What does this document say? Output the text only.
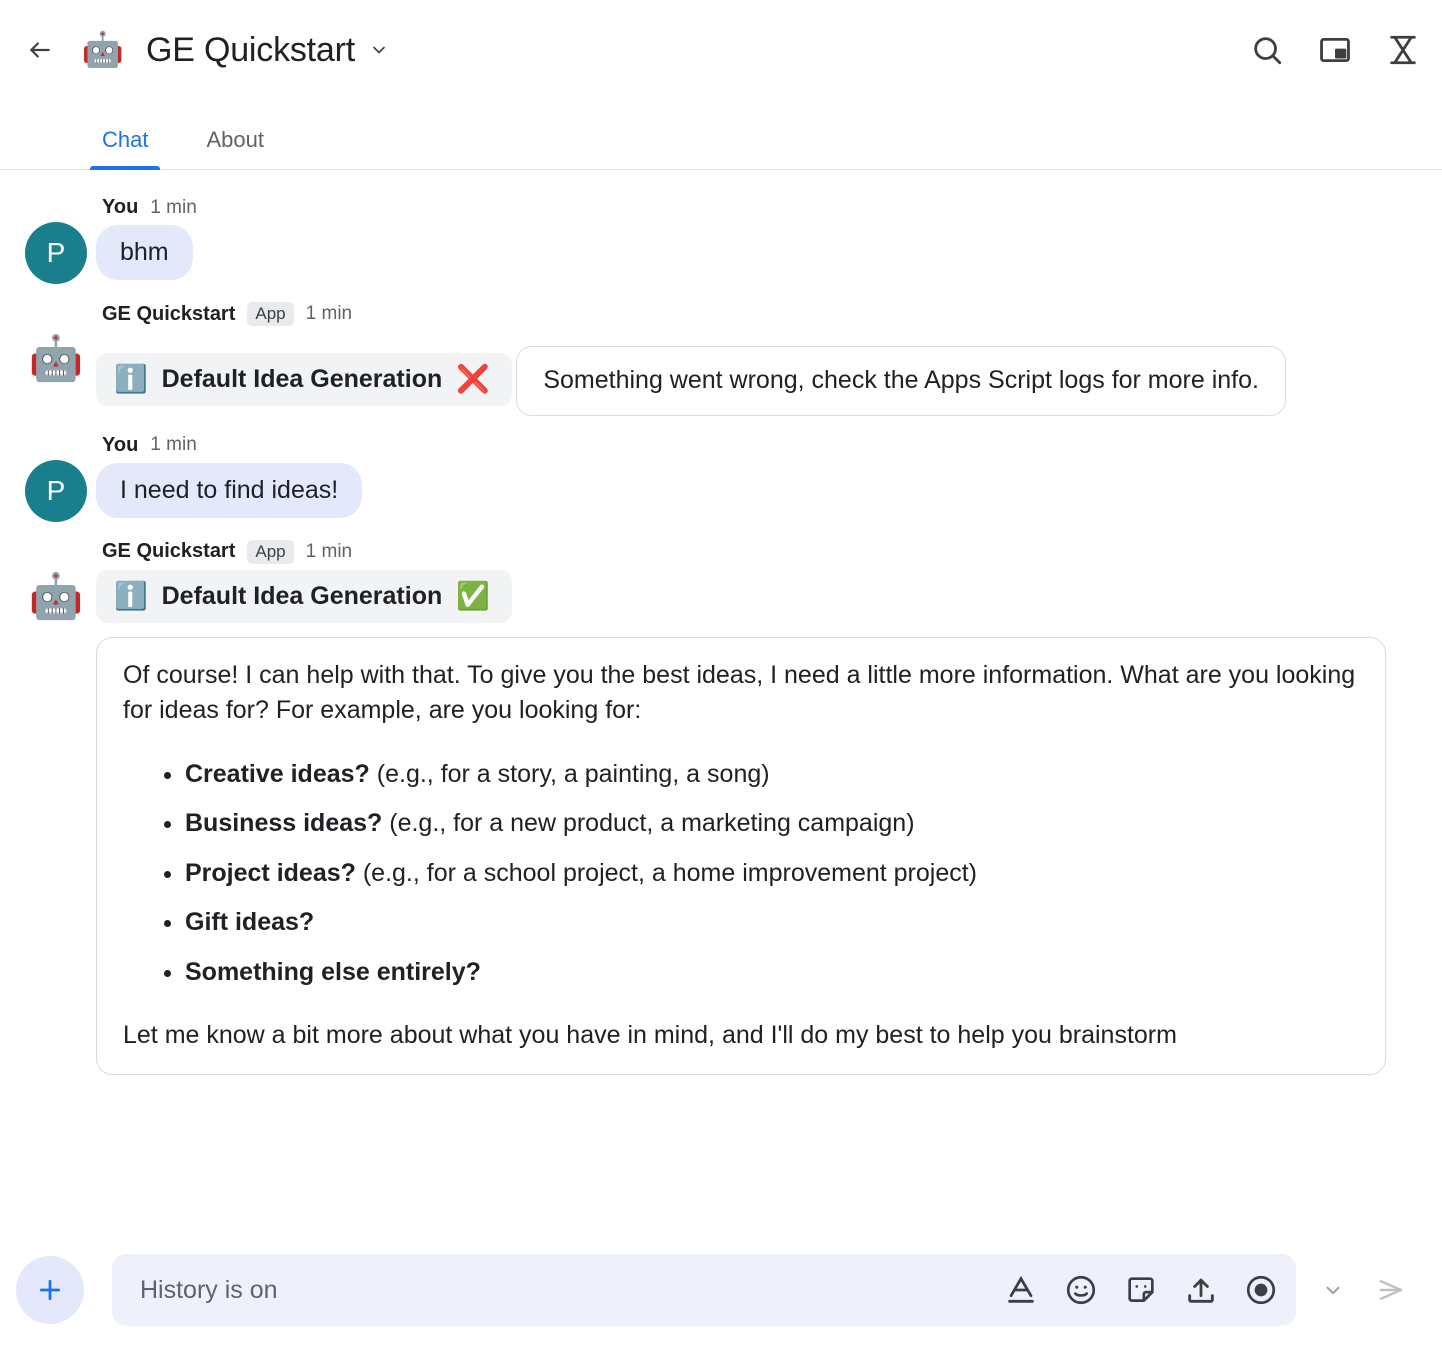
🤖 GE Quickstart
Chat	About
P
You 1 min
bhm
🤖
GE Quickstart	App	1 min
ℹ️ Default Idea Generation ❌ Something went wrong, check the Apps Script logs for more info.
P
You 1 min
I need to find ideas!
🤖
GE Quickstart	App	1 min
ℹ️ Default Idea Generation ✅

Of course! I can help with that. To give you the best ideas, I need a little more information. What are you looking for ideas for? For example, are you looking for:

• Creative ideas? (e.g., for a story, a painting, a song)
• Business ideas? (e.g., for a new product, a marketing campaign)
• Project ideas? (e.g., for a school project, a home improvement project)
• Gift ideas?
• Something else entirely?

Let me know a bit more about what you have in mind, and I'll do my best to help you brainstorm

History is on
